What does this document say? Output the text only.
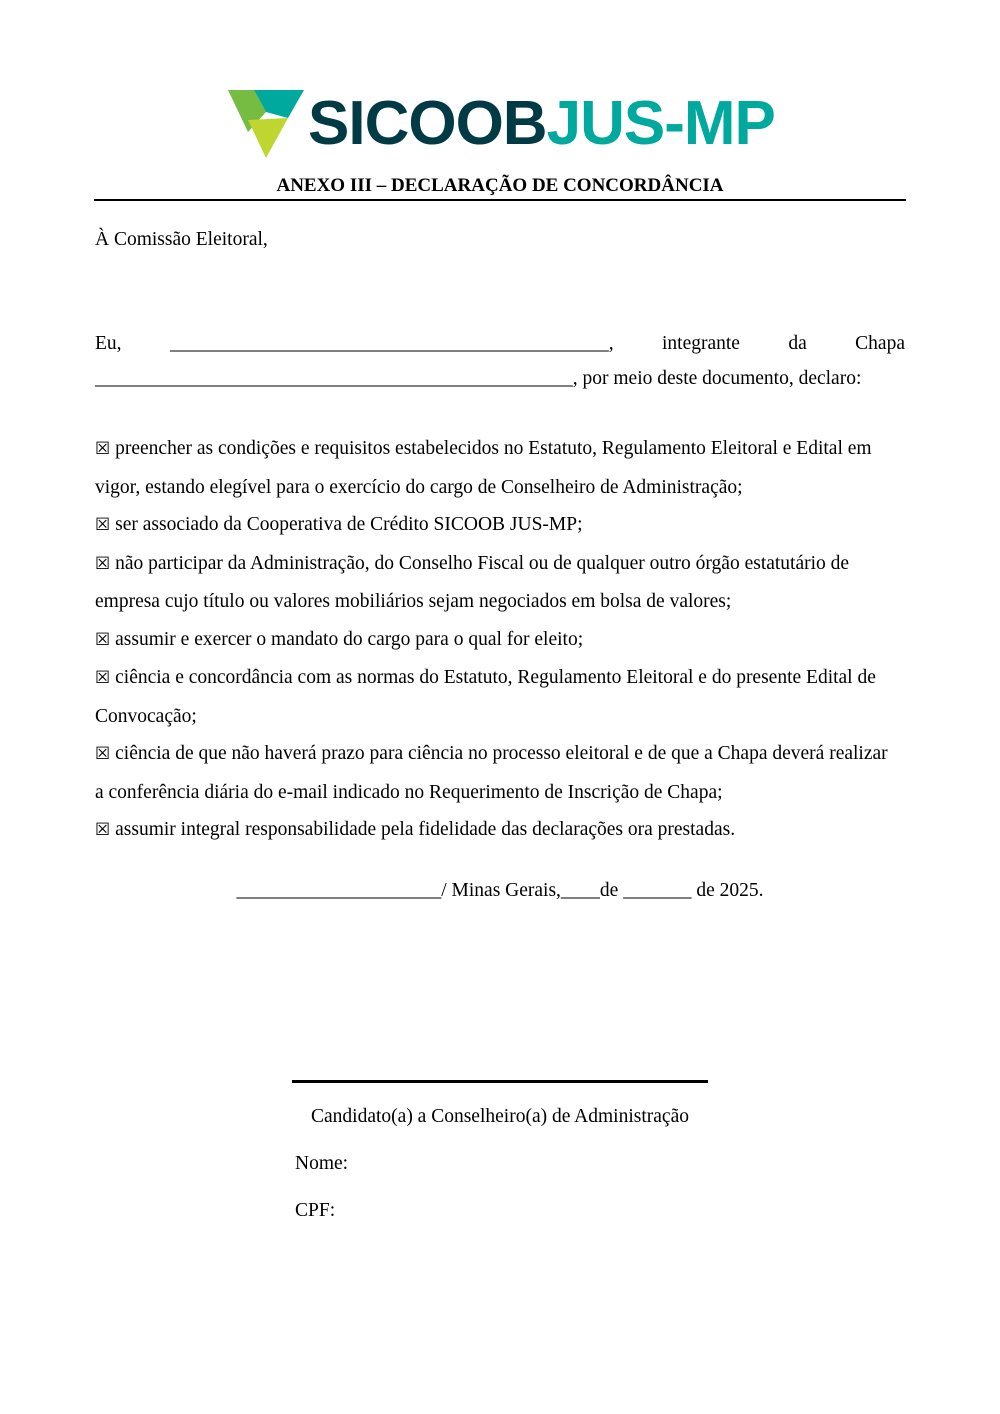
SICOOBJUS-MP
ANEXO III – DECLARAÇÃO DE CONCORDÂNCIA
À Comissão Eleitoral,
Eu, _____________________________________________, integrante da Chapa
_________________________________________________, por meio deste documento, declaro:
☒ preencher as condições e requisitos estabelecidos no Estatuto, Regulamento Eleitoral e Edital em
vigor, estando elegível para o exercício do cargo de Conselheiro de Administração;
☒ ser associado da Cooperativa de Crédito SICOOB JUS-MP;
☒ não participar da Administração, do Conselho Fiscal ou de qualquer outro órgão estatutário de
empresa cujo título ou valores mobiliários sejam negociados em bolsa de valores;
☒ assumir e exercer o mandato do cargo para o qual for eleito;
☒ ciência e concordância com as normas do Estatuto, Regulamento Eleitoral e do presente Edital de
Convocação;
☒ ciência de que não haverá prazo para ciência no processo eleitoral e de que a Chapa deverá realizar
a conferência diária do e-mail indicado no Requerimento de Inscrição de Chapa;
☒ assumir integral responsabilidade pela fidelidade das declarações ora prestadas.
_____________________/ Minas Gerais,____de _______ de 2025.
Candidato(a) a Conselheiro(a) de Administração
Nome:
CPF:
